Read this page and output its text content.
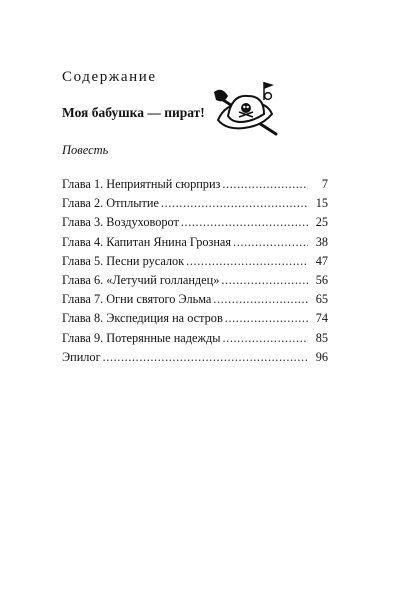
Содержание
Моя бабушка — пират!
Повесть
Глава 1. Неприятный сюрприз .....	7
Глава 2. Отплытие .....	15
Глава 3. Воздуховорот .....	25
Глава 4. Капитан Янина Грозная .....	38
Глава 5. Песни русалок .....	47
Глава 6. «Летучий голландец» .....	56
Глава 7. Огни святого Эльма .....	65
Глава 8. Экспедиция на остров .....	74
Глава 9. Потерянные надежды .....	85
Эпилог .....	96
